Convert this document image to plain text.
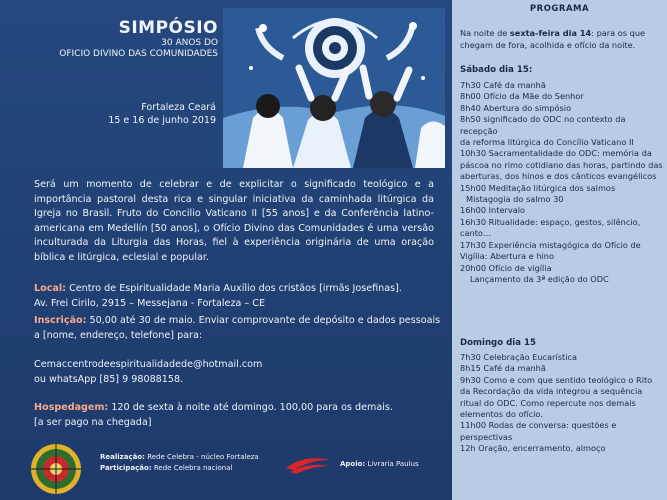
SIMPÓSIO
30 ANOS DO
OFICIO DIVINO DAS COMUNIDADES
Fortaleza Ceará
15 e 16 de junho 2019
Será um momento de celebrar e de explicitar o significado teológico e a importância pastoral desta rica e singular iniciativa da caminhada litúrgica da Igreja no Brasil. Fruto do Concilio Vaticano II [55 anos] e da Conferência latino-americana em Medellín [50 anos], o Ofício Divino das Comunidades é uma versão inculturada da Liturgia das Horas, fiel à experiência originária de uma oração bíblica e litúrgica, eclesial e popular.
Local: Centro de Espiritualidade Maria Auxílio dos cristãos [irmãs Josefinas].
Av. Frei Cirilo, 2915 – Messejana - Fortaleza – CE
Inscrição: 50,00 até 30 de maio. Enviar comprovante de depósito e dados pessoais a [nome, endereço, telefone] para:
Cemaccentrodeespiritualidadede@hotmail.com
ou whatsApp [85] 9 98088158.
Hospedagem: 120 de sexta à noite até domingo. 100,00 para os demais.
[a ser pago na chegada]
Realização: Rede Celebra - núcleo Fortaleza
Participação: Rede Celebra nacional	Apoio: Livraria Paulus
PROGRAMA
Na noite de sexta-feira dia 14: para os que chegam de fora, acolhida e ofício da noite.
Sábado dia 15:
7h30 Café da manhã
8h00 Ofício da Mãe do Senhor
8h40 Abertura do simpósio
8h50 significado do ODC no contexto da recepção
da reforma litúrgica do Concílio Vaticano II
10h30 Sacramentalidade do ODC: memória da páscoa no rimo cotidiano das horas, partindo das aberturas, dos hinos e dos cânticos evangélicos
15h00 Meditação litúrgica dos salmos
Mistagogia do salmo 30
16h00 Intervalo
16h30 Ritualidade: espaço, gestos, silêncio, canto…
17h30 Experiência mistagógica do Ofício de Vigília: Abertura e hino
20h00 Ofício de vigília
Lançamento da 3ª edição do ODC
Domingo dia 15
7h30 Celebração Eucarística
8h15 Café da manhã
9h30 Como e com que sentido teológico o Rito da Recordação da vida integrou a sequência ritual do ODC. Como repercute nos demais elementos do ofício.
11h00 Rodas de conversa: questões e perspectivas
12h Oração, encerramento, almoço
